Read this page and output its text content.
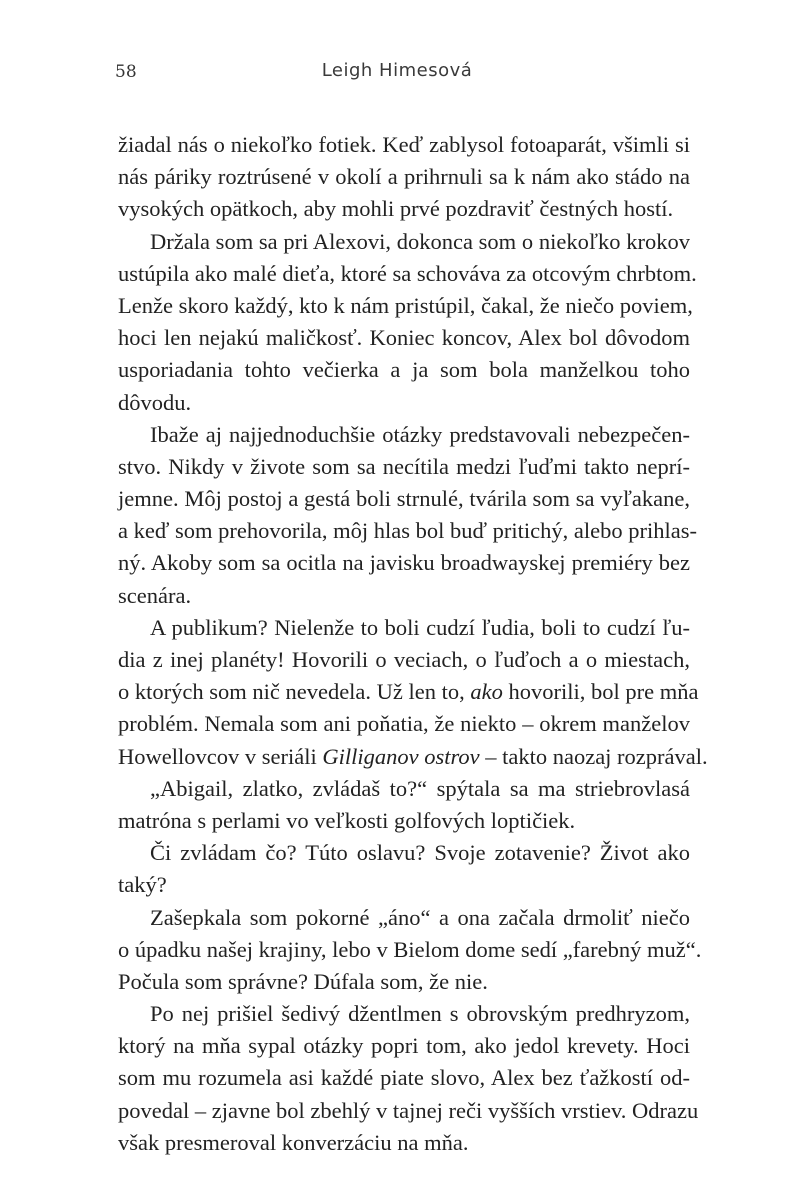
58	Leigh Himesová
žiadal nás o niekoľko fotiek. Keď zablysol fotoaparát, všimli si
nás páriky roztrúsené v okolí a prihrnuli sa k nám ako stádo na
vysokých opätkoch, aby mohli prvé pozdraviť čestných hostí.
Držala som sa pri Alexovi, dokonca som o niekoľko krokov
ustúpila ako malé dieťa, ktoré sa schováva za otcovým chrbtom.
Lenže skoro každý, kto k nám pristúpil, čakal, že niečo poviem,
hoci len nejakú maličkosť. Koniec koncov, Alex bol dôvodom
usporiadania tohto večierka a ja som bola manželkou toho
dôvodu.
Ibaže aj najjednoduchšie otázky predstavovali nebezpečen-
stvo. Nikdy v živote som sa necítila medzi ľuďmi takto neprí-
jemne. Môj postoj a gestá boli strnulé, tvárila som sa vyľakane,
a keď som prehovorila, môj hlas bol buď pritichý, alebo prihlas-
ný. Akoby som sa ocitla na javisku broadwayskej premiéry bez
scenára.
A publikum? Nielenže to boli cudzí ľudia, boli to cudzí ľu-
dia z inej planéty! Hovorili o veciach, o ľuďoch a o miestach,
o ktorých som nič nevedela. Už len to, ako hovorili, bol pre mňa
problém. Nemala som ani poňatia, že niekto – okrem manželov
Howellovcov v seriáli Gilliganov ostrov – takto naozaj rozprával.
„Abigail, zlatko, zvládaš to?“ spýtala sa ma striebrovlasá
matróna s perlami vo veľkosti golfových loptičiek.
Či zvládam čo? Túto oslavu? Svoje zotavenie? Život ako
taký?
Zašepkala som pokorné „áno“ a ona začala drmoliť niečo
o úpadku našej krajiny, lebo v Bielom dome sedí „farebný muž“.
Počula som správne? Dúfala som, že nie.
Po nej prišiel šedivý džentlmen s obrovským predhryzom,
ktorý na mňa sypal otázky popri tom, ako jedol krevety. Hoci
som mu rozumela asi každé piate slovo, Alex bez ťažkostí od-
povedal – zjavne bol zbehlý v tajnej reči vyšších vrstiev. Odrazu
však presmeroval konverzáciu na mňa.
